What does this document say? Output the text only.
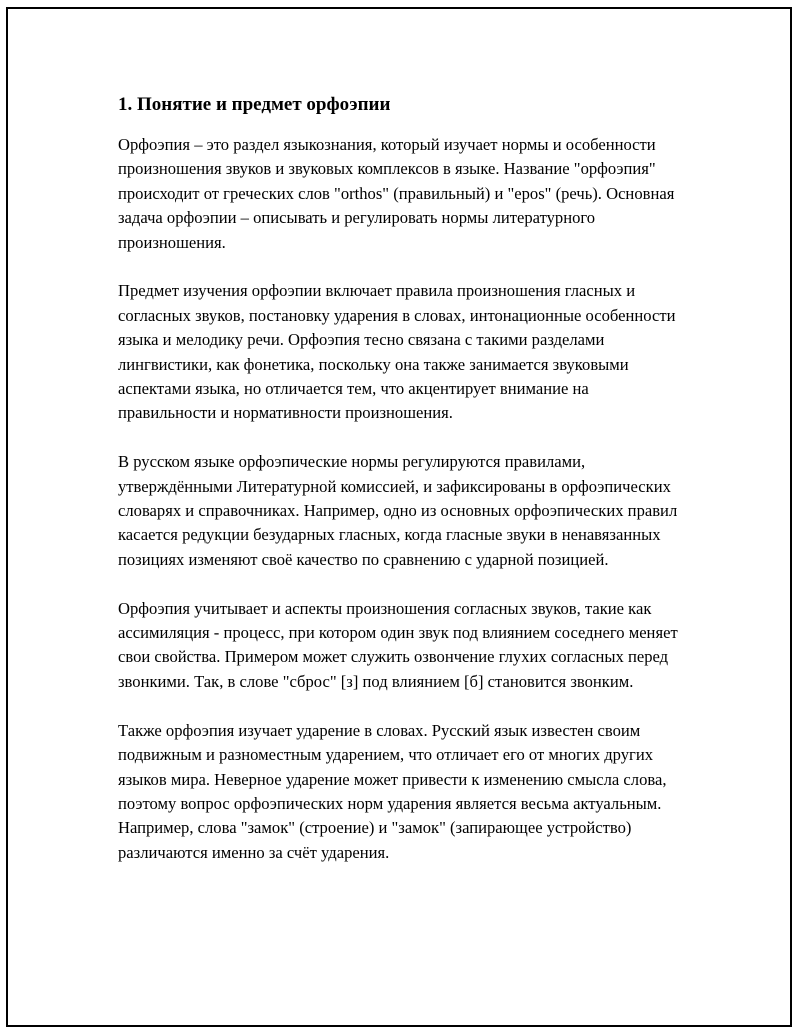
1. Понятие и предмет орфоэпии

Орфоэпия – это раздел языкознания, который изучает нормы и особенности произношения звуков и звуковых комплексов в языке. Название "орфоэпия" происходит от греческих слов "orthos" (правильный) и "epos" (речь). Основная задача орфоэпии – описывать и регулировать нормы литературного произношения.

Предмет изучения орфоэпии включает правила произношения гласных и согласных звуков, постановку ударения в словах, интонационные особенности языка и мелодику речи. Орфоэпия тесно связана с такими разделами лингвистики, как фонетика, поскольку она также занимается звуковыми аспектами языка, но отличается тем, что акцентирует внимание на правильности и нормативности произношения.

В русском языке орфоэпические нормы регулируются правилами, утверждёнными Литературной комиссией, и зафиксированы в орфоэпических словарях и справочниках. Например, одно из основных орфоэпических правил касается редукции безударных гласных, когда гласные звуки в ненавязанных позициях изменяют своё качество по сравнению с ударной позицией.

Орфоэпия учитывает и аспекты произношения согласных звуков, такие как ассимиляция - процесс, при котором один звук под влиянием соседнего меняет свои свойства. Примером может служить озвончение глухих согласных перед звонкими. Так, в слове "сброс" [з] под влиянием [б] становится звонким.

Также орфоэпия изучает ударение в словах. Русский язык известен своим подвижным и разноместным ударением, что отличает его от многих других языков мира. Неверное ударение может привести к изменению смысла слова, поэтому вопрос орфоэпических норм ударения является весьма актуальным. Например, слова "замок" (строение) и "замок" (запирающее устройство) различаются именно за счёт ударения.
